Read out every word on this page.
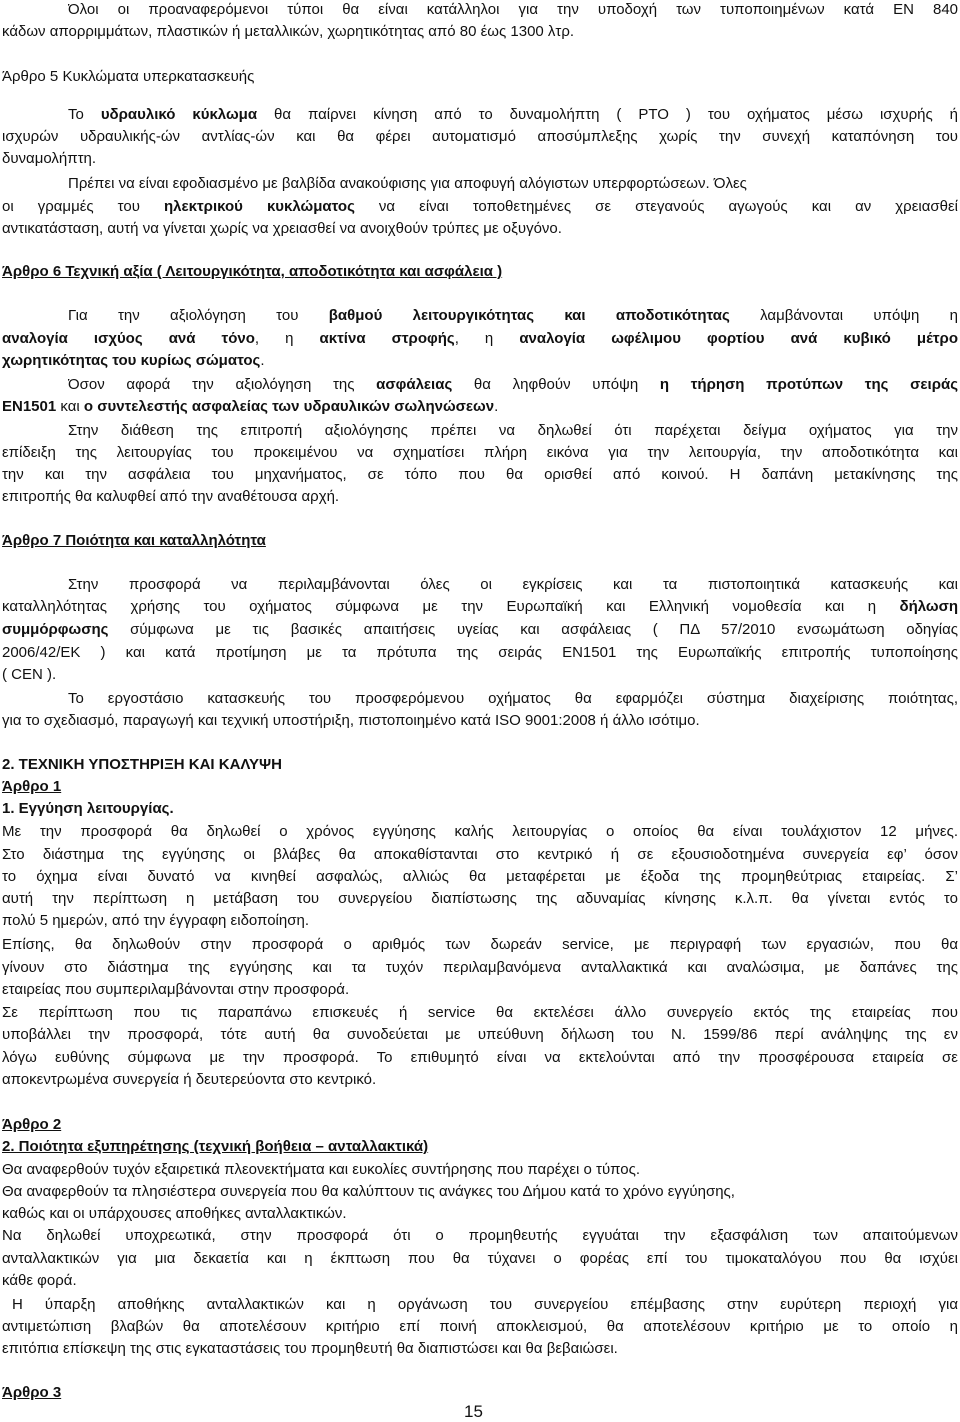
Όλοι οι προαναφερόμενοι τύποι θα είναι κατάλληλοι για την υποδοχή των τυποποιημένων κατά ΕΝ 840
κάδων απορριμμάτων, πλαστικών ή μεταλλικών, χωρητικότητας από 80 έως 1300 λτρ.
Άρθρο 5 Κυκλώματα υπερκατασκευής
Το υδραυλικό κύκλωμα θα παίρνει κίνηση από το δυναμολήπτη ( PTO ) του οχήματος μέσω ισχυρής ή
ισχυρών υδραυλικής-ών αντλίας-ών και θα φέρει αυτοματισμό αποσύμπλεξης χωρίς την συνεχή καταπόνηση του
δυναμολήπτη.
Πρέπει να είναι εφοδιασμένο με βαλβίδα ανακούφισης για αποφυγή αλόγιστων υπερφορτώσεων. Όλες
οι γραμμές του ηλεκτρικού κυκλώματος να είναι τοποθετημένες σε στεγανούς αγωγούς και αν χρειασθεί
αντικατάσταση, αυτή να γίνεται χωρίς να χρειασθεί να ανοιχθούν τρύπες με οξυγόνο.
Άρθρο 6 Τεχνική αξία ( Λειτουργικότητα, αποδοτικότητα και ασφάλεια )
Για την αξιολόγηση του βαθμού λειτουργικότητας και αποδοτικότητας λαμβάνονται υπόψη η
αναλογία ισχύος ανά τόνο, η ακτίνα στροφής, η αναλογία ωφέλιμου φορτίου ανά κυβικό μέτρο
χωρητικότητας του κυρίως σώματος.
Όσον αφορά την αξιολόγηση της ασφάλειας θα ληφθούν υπόψη η τήρηση προτύπων της σειράς
EN1501 και ο συντελεστής ασφαλείας των υδραυλικών σωληνώσεων.
Στην διάθεση της επιτροπή αξιολόγησης πρέπει να δηλωθεί ότι παρέχεται δείγμα οχήματος για την
επίδειξη της λειτουργίας του προκειμένου να σχηματίσει πλήρη εικόνα για την λειτουργία, την αποδοτικότητα και
την και την ασφάλεια του μηχανήματος, σε τόπο που θα ορισθεί από κοινού. Η δαπάνη μετακίνησης της
επιτροπής θα καλυφθεί από την αναθέτουσα αρχή.
Άρθρο 7 Ποιότητα και καταλληλότητα
Στην προσφορά να περιλαμβάνονται όλες οι εγκρίσεις και τα πιστοποιητικά κατασκευής και
καταλληλότητας χρήσης του οχήματος σύμφωνα με την Ευρωπαϊκή και Ελληνική νομοθεσία και η δήλωση
συμμόρφωσης σύμφωνα με τις βασικές απαιτήσεις υγείας και ασφάλειας ( ΠΔ 57/2010 ενσωμάτωση οδηγίας
2006/42/ΕΚ ) και κατά προτίμηση με τα πρότυπα της σειράς ΕΝ1501 της Ευρωπαϊκής επιτροπής τυποποίησης
( CEN ).
Το εργοστάσιο κατασκευής του προσφερόμενου οχήματος θα εφαρμόζει σύστημα διαχείρισης ποιότητας,
για το σχεδιασμό, παραγωγή και τεχνική υποστήριξη, πιστοποιημένο κατά ISO 9001:2008 ή άλλο ισότιμο.
2. ΤΕΧΝΙΚΗ ΥΠΟΣΤΗΡΙΞΗ ΚΑΙ ΚΑΛΥΨΗ
Άρθρο 1
1. Εγγύηση λειτουργίας.
Με την προσφορά θα δηλωθεί ο χρόνος εγγύησης καλής λειτουργίας ο οποίος θα είναι τουλάχιστον 12 μήνες.
Στο διάστημα της εγγύησης οι βλάβες θα αποκαθίστανται στο κεντρικό ή σε εξουσιοδοτημένα συνεργεία εφ’ όσον
το όχημα είναι δυνατό να κινηθεί ασφαλώς, αλλιώς θα μεταφέρεται με έξοδα της προμηθεύτριας εταιρείας. Σ’
αυτή την περίπτωση η μετάβαση του συνεργείου διαπίστωσης της αδυναμίας κίνησης κ.λ.π. θα γίνεται εντός το
πολύ 5 ημερών, από την έγγραφη ειδοποίηση.
Επίσης, θα δηλωθούν στην προσφορά ο αριθμός των δωρεάν service, με περιγραφή των εργασιών, που θα
γίνουν στο διάστημα της εγγύησης και τα τυχόν περιλαμβανόμενα ανταλλακτικά και αναλώσιμα, με δαπάνες της
εταιρείας που συμπεριλαμβάνονται στην προσφορά.
Σε περίπτωση που τις παραπάνω επισκευές ή service θα εκτελέσει άλλο συνεργείο εκτός της εταιρείας που
υποβάλλει την προσφορά, τότε αυτή θα συνοδεύεται με υπεύθυνη δήλωση του Ν. 1599/86 περί ανάληψης της εν
λόγω ευθύνης σύμφωνα με την προσφορά. Το επιθυμητό είναι να εκτελούνται από την προσφέρουσα εταιρεία σε
αποκεντρωμένα συνεργεία ή δευτερεύοντα στο κεντρικό.
Άρθρο 2
2. Ποιότητα εξυπηρέτησης (τεχνική βοήθεια – ανταλλακτικά)
Θα αναφερθούν τυχόν εξαιρετικά πλεονεκτήματα και ευκολίες συντήρησης που παρέχει ο τύπος.
Θα αναφερθούν τα πλησιέστερα συνεργεία που θα καλύπτουν τις ανάγκες του Δήμου κατά το χρόνο εγγύησης,
καθώς και οι υπάρχουσες αποθήκες ανταλλακτικών.
Να δηλωθεί υποχρεωτικά, στην προσφορά ότι ο προμηθευτής εγγυάται την εξασφάλιση των απαιτούμενων
ανταλλακτικών για μια δεκαετία και η έκπτωση που θα τύχανει ο φορέας επί του τιμοκαταλόγου που θα ισχύει
κάθε φορά.
Η ύπαρξη αποθήκης ανταλλακτικών και η οργάνωση του συνεργείου επέμβασης στην ευρύτερη περιοχή για
αντιμετώπιση βλαβών θα αποτελέσουν κριτήριο επί ποινή αποκλεισμού, θα αποτελέσουν κριτήριο με το οποίο η
επιτόπια επίσκεψη της στις εγκαταστάσεις του προμηθευτή θα διαπιστώσει και θα βεβαιώσει.
Άρθρο 3
15
